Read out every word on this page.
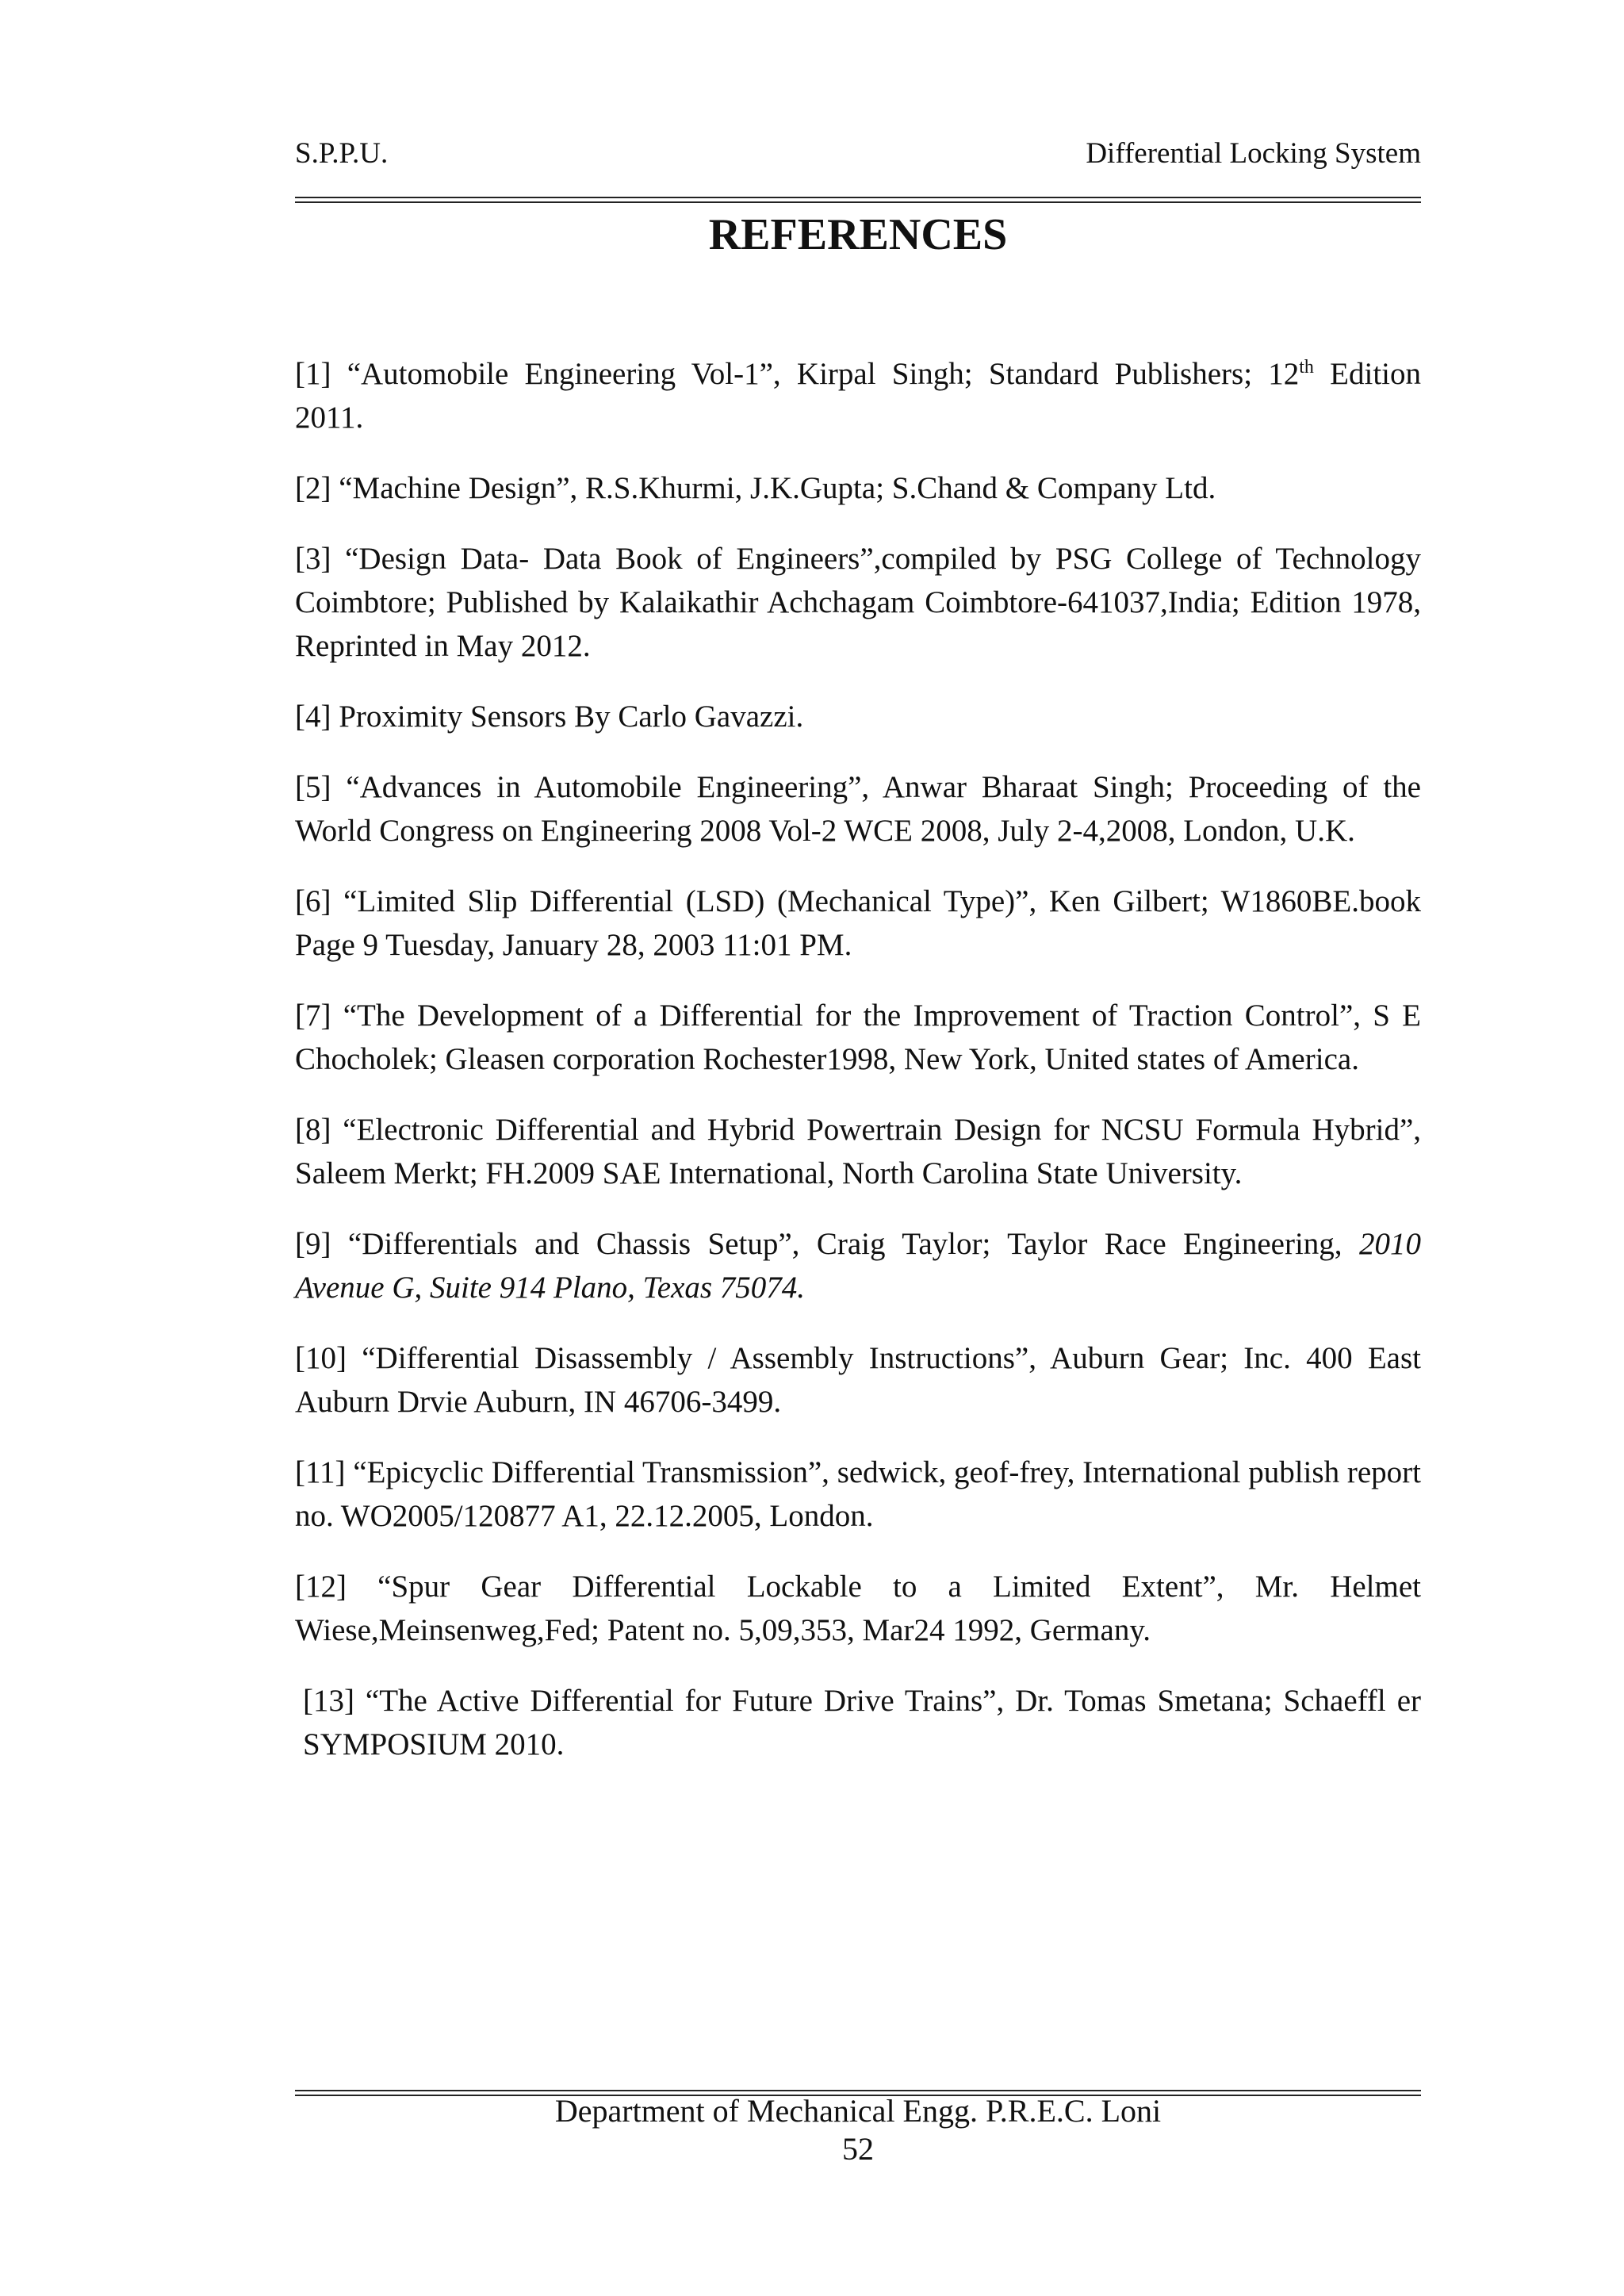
S.P.P.U.	Differential Locking System
REFERENCES

[1] “Automobile Engineering Vol-1”, Kirpal Singh; Standard Publishers; 12th Edition 2011.

[2] “Machine Design”, R.S.Khurmi, J.K.Gupta; S.Chand & Company Ltd.

[3] “Design Data- Data Book of Engineers”,compiled by PSG College of Technology Coimbtore; Published by Kalaikathir Achchagam Coimbtore-641037,India; Edition 1978, Reprinted in May 2012.

[4] Proximity Sensors By Carlo Gavazzi.

[5] “Advances in Automobile Engineering”, Anwar Bharaat Singh; Proceeding of the World Congress on Engineering 2008 Vol-2 WCE 2008, July 2-4,2008, London, U.K.

[6] “Limited Slip Differential (LSD) (Mechanical Type)”, Ken Gilbert; W1860BE.book Page 9 Tuesday, January 28, 2003 11:01 PM.

[7] “The Development of a Differential for the Improvement of Traction Control”, S E Chocholek; Gleasen corporation Rochester1998, New York, United states of America.

[8] “Electronic Differential and Hybrid Powertrain Design for NCSU Formula Hybrid”, Saleem Merkt; FH.2009 SAE International, North Carolina State University.

[9] “Differentials and Chassis Setup”, Craig Taylor; Taylor Race Engineering, 2010 Avenue G, Suite 914 Plano, Texas 75074.

[10] “Differential Disassembly / Assembly Instructions”, Auburn Gear; Inc. 400 East Auburn Drvie Auburn, IN 46706-3499.

[11] “Epicyclic Differential Transmission”, sedwick, geof-frey, International publish report no. WO2005/120877 A1, 22.12.2005, London.

[12] “Spur Gear Differential Lockable to a Limited Extent”, Mr. Helmet Wiese,Meinsenweg,Fed; Patent no. 5,09,353, Mar24 1992, Germany.

[13] “The Active Differential for Future Drive Trains”, Dr. Tomas Smetana; Schaeffl er SYMPOSIUM 2010.

Department of Mechanical Engg. P.R.E.C. Loni
52
